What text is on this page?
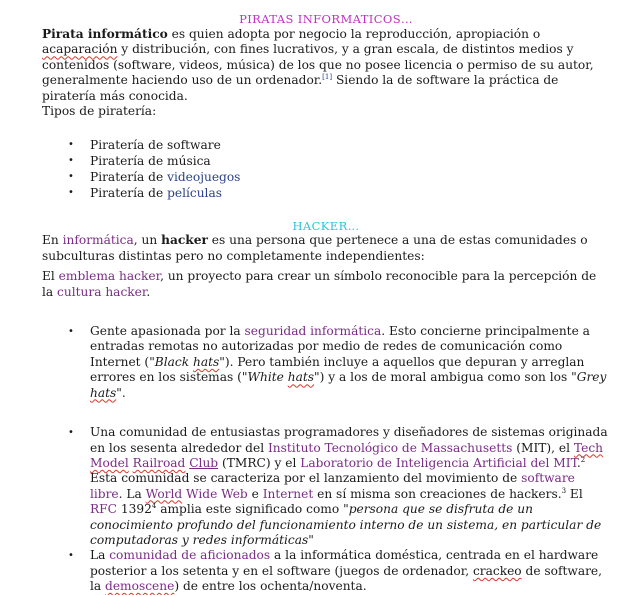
PIRATAS INFORMATICOS…

Pirata informático es quien adopta por negocio la reproducción, apropiación o acaparación y distribución, con fines lucrativos, y a gran escala, de distintos medios y contenidos (software, videos, música) de los que no posee licencia o permiso de su autor, generalmente haciendo uso de un ordenador.[1] Siendo la de software la práctica de piratería más conocida.

Tipos de piratería:

• Piratería de software
• Piratería de música
• Piratería de videojuegos
• Piratería de películas
HACKER…

En informática, un hacker es una persona que pertenece a una de estas comunidades o subculturas distintas pero no completamente independientes:

El emblema hacker, un proyecto para crear un símbolo reconocible para la percepción de la cultura hacker.

• Gente apasionada por la seguridad informática. Esto concierne principalmente a entradas remotas no autorizadas por medio de redes de comunicación como Internet ("Black hats"). Pero también incluye a aquellos que depuran y arreglan errores en los sistemas ("White hats") y a los de moral ambigua como son los "Grey hats".
• Una comunidad de entusiastas programadores y diseñadores de sistemas originada en los sesenta alrededor del Instituto Tecnológico de Massachusetts (MIT), el Tech Model Railroad Club (TMRC) y el Laboratorio de Inteligencia Artificial del MIT.$^2$ Esta comunidad se caracteriza por el lanzamiento del movimiento de software libre. La World Wide Web e Internet en sí misma son creaciones de hackers.$^3$ El RFC 1392$^4$ amplia este significado como "persona que se disfruta de un conocimiento profundo del funcionamiento interno de un sistema, en particular de computadoras y redes informáticas"
• La comunidad de aficionados a la informática doméstica, centrada en el hardware posterior a los setenta y en el software (juegos de ordenador, crackeo de software, la demoscene) de entre los ochenta/noventa.
